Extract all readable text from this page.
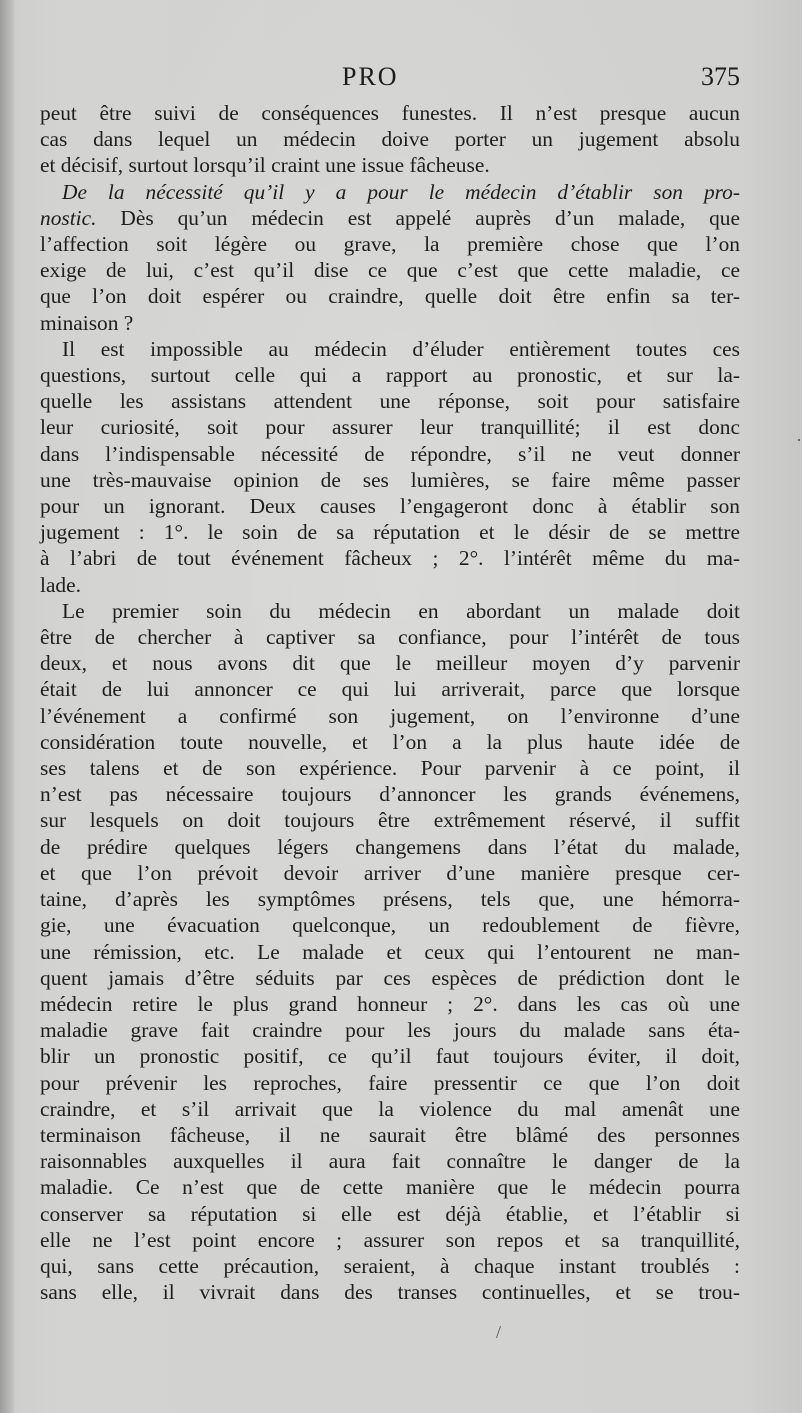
PRO	375
peut être suivi de conséquences funestes. Il n’est presque aucun
cas dans lequel un médecin doive porter un jugement absolu
et décisif, surtout lorsqu’il craint une issue fâcheuse.
De la nécessité qu’il y a pour le médecin d’établir son pro-
nostic. Dès qu’un médecin est appelé auprès d’un malade, que
l’affection soit légère ou grave, la première chose que l’on
exige de lui, c’est qu’il dise ce que c’est que cette maladie, ce
que l’on doit espérer ou craindre, quelle doit être enfin sa ter-
minaison ?
Il est impossible au médecin d’éluder entièrement toutes ces
questions, surtout celle qui a rapport au pronostic, et sur la-
quelle les assistans attendent une réponse, soit pour satisfaire
leur curiosité, soit pour assurer leur tranquillité; il est donc
dans l’indispensable nécessité de répondre, s’il ne veut donner
une très-mauvaise opinion de ses lumières, se faire même passer
pour un ignorant. Deux causes l’engageront donc à établir son
jugement : 1°. le soin de sa réputation et le désir de se mettre
à l’abri de tout événement fâcheux ; 2°. l’intérêt même du ma-
lade.
Le premier soin du médecin en abordant un malade doit
être de chercher à captiver sa confiance, pour l’intérêt de tous
deux, et nous avons dit que le meilleur moyen d’y parvenir
était de lui annoncer ce qui lui arriverait, parce que lorsque
l’événement a confirmé son jugement, on l’environne d’une
considération toute nouvelle, et l’on a la plus haute idée de
ses talens et de son expérience. Pour parvenir à ce point, il
n’est pas nécessaire toujours d’annoncer les grands événemens,
sur lesquels on doit toujours être extrêmement réservé, il suffit
de prédire quelques légers changemens dans l’état du malade,
et que l’on prévoit devoir arriver d’une manière presque cer-
taine, d’après les symptômes présens, tels que, une hémorra-
gie, une évacuation quelconque, un redoublement de fièvre,
une rémission, etc. Le malade et ceux qui l’entourent ne man-
quent jamais d’être séduits par ces espèces de prédiction dont le
médecin retire le plus grand honneur ; 2°. dans les cas où une
maladie grave fait craindre pour les jours du malade sans éta-
blir un pronostic positif, ce qu’il faut toujours éviter, il doit,
pour prévenir les reproches, faire pressentir ce que l’on doit
craindre, et s’il arrivait que la violence du mal amenât une
terminaison fâcheuse, il ne saurait être blâmé des personnes
raisonnables auxquelles il aura fait connaître le danger de la
maladie. Ce n’est que de cette manière que le médecin pourra
conserver sa réputation si elle est déjà établie, et l’établir si
elle ne l’est point encore ; assurer son repos et sa tranquillité,
qui, sans cette précaution, seraient, à chaque instant troublés :
sans elle, il vivrait dans des transes continuelles, et se trou-
·
/
